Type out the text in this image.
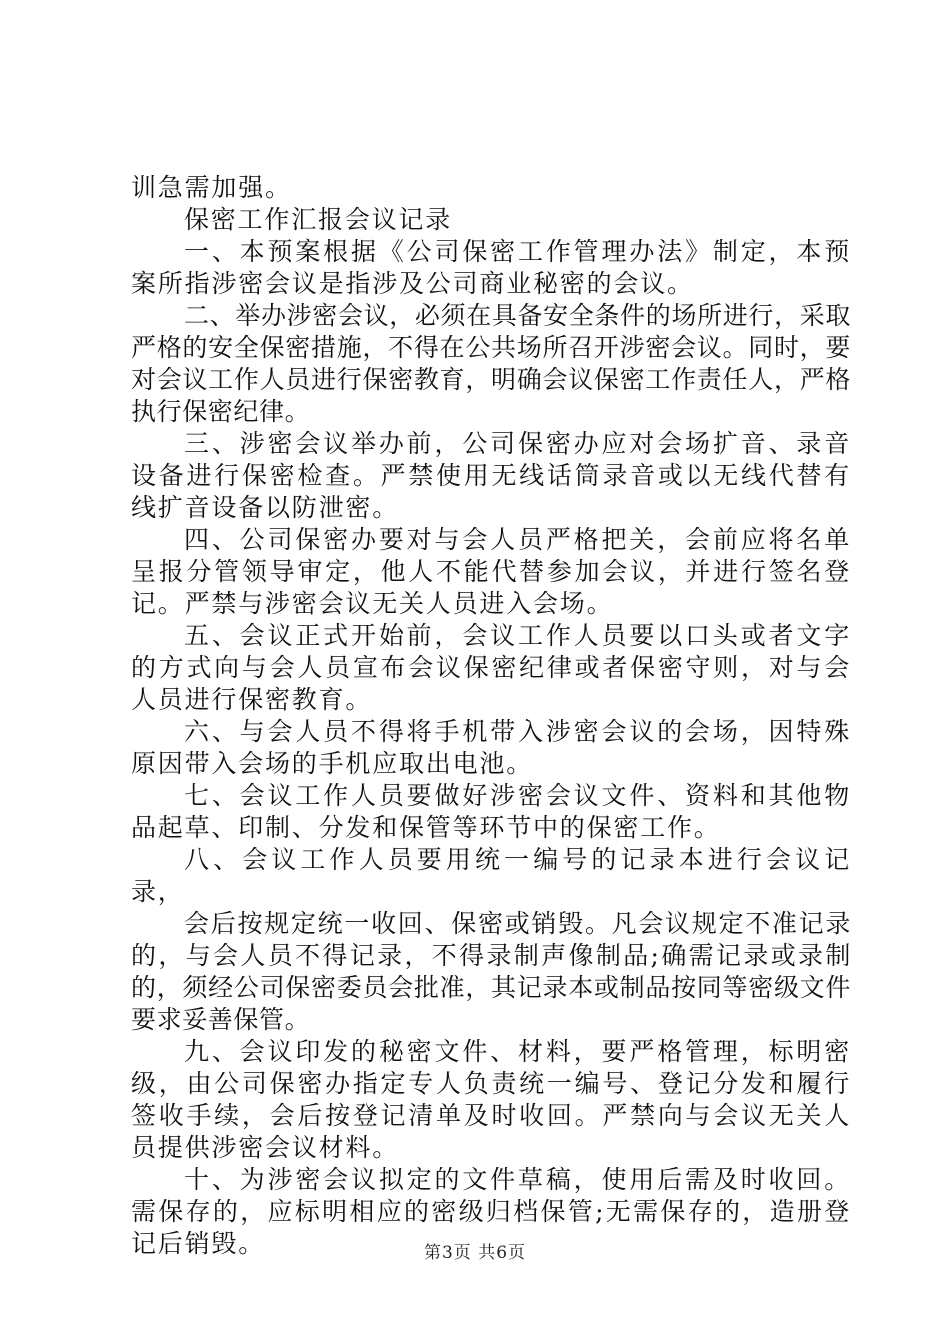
训急需加强。

保密工作汇报会议记录

一、本预案根据《公司保密工作管理办法》制定，本预案所指涉密会议是指涉及公司商业秘密的会议。

二、举办涉密会议，必须在具备安全条件的场所进行，采取严格的安全保密措施，不得在公共场所召开涉密会议。同时，要对会议工作人员进行保密教育，明确会议保密工作责任人，严格执行保密纪律。

三、涉密会议举办前，公司保密办应对会场扩音、录音设备进行保密检查。严禁使用无线话筒录音或以无线代替有线扩音设备以防泄密。

四、公司保密办要对与会人员严格把关，会前应将名单呈报分管领导审定，他人不能代替参加会议，并进行签名登记。严禁与涉密会议无关人员进入会场。

五、会议正式开始前，会议工作人员要以口头或者文字的方式向与会人员宣布会议保密纪律或者保密守则，对与会人员进行保密教育。

六、与会人员不得将手机带入涉密会议的会场，因特殊原因带入会场的手机应取出电池。

七、会议工作人员要做好涉密会议文件、资料和其他物品起草、印制、分发和保管等环节中的保密工作。

八、会议工作人员要用统一编号的记录本进行会议记录，

会后按规定统一收回、保密或销毁。凡会议规定不准记录的，与会人员不得记录，不得录制声像制品;确需记录或录制的，须经公司保密委员会批准，其记录本或制品按同等密级文件要求妥善保管。

九、会议印发的秘密文件、材料，要严格管理，标明密级，由公司保密办指定专人负责统一编号、登记分发和履行签收手续，会后按登记清单及时收回。严禁向与会议无关人员提供涉密会议材料。

十、为涉密会议拟定的文件草稿，使用后需及时收回。需保存的，应标明相应的密级归档保管;无需保存的，造册登记后销毁。	第3页 共6页
